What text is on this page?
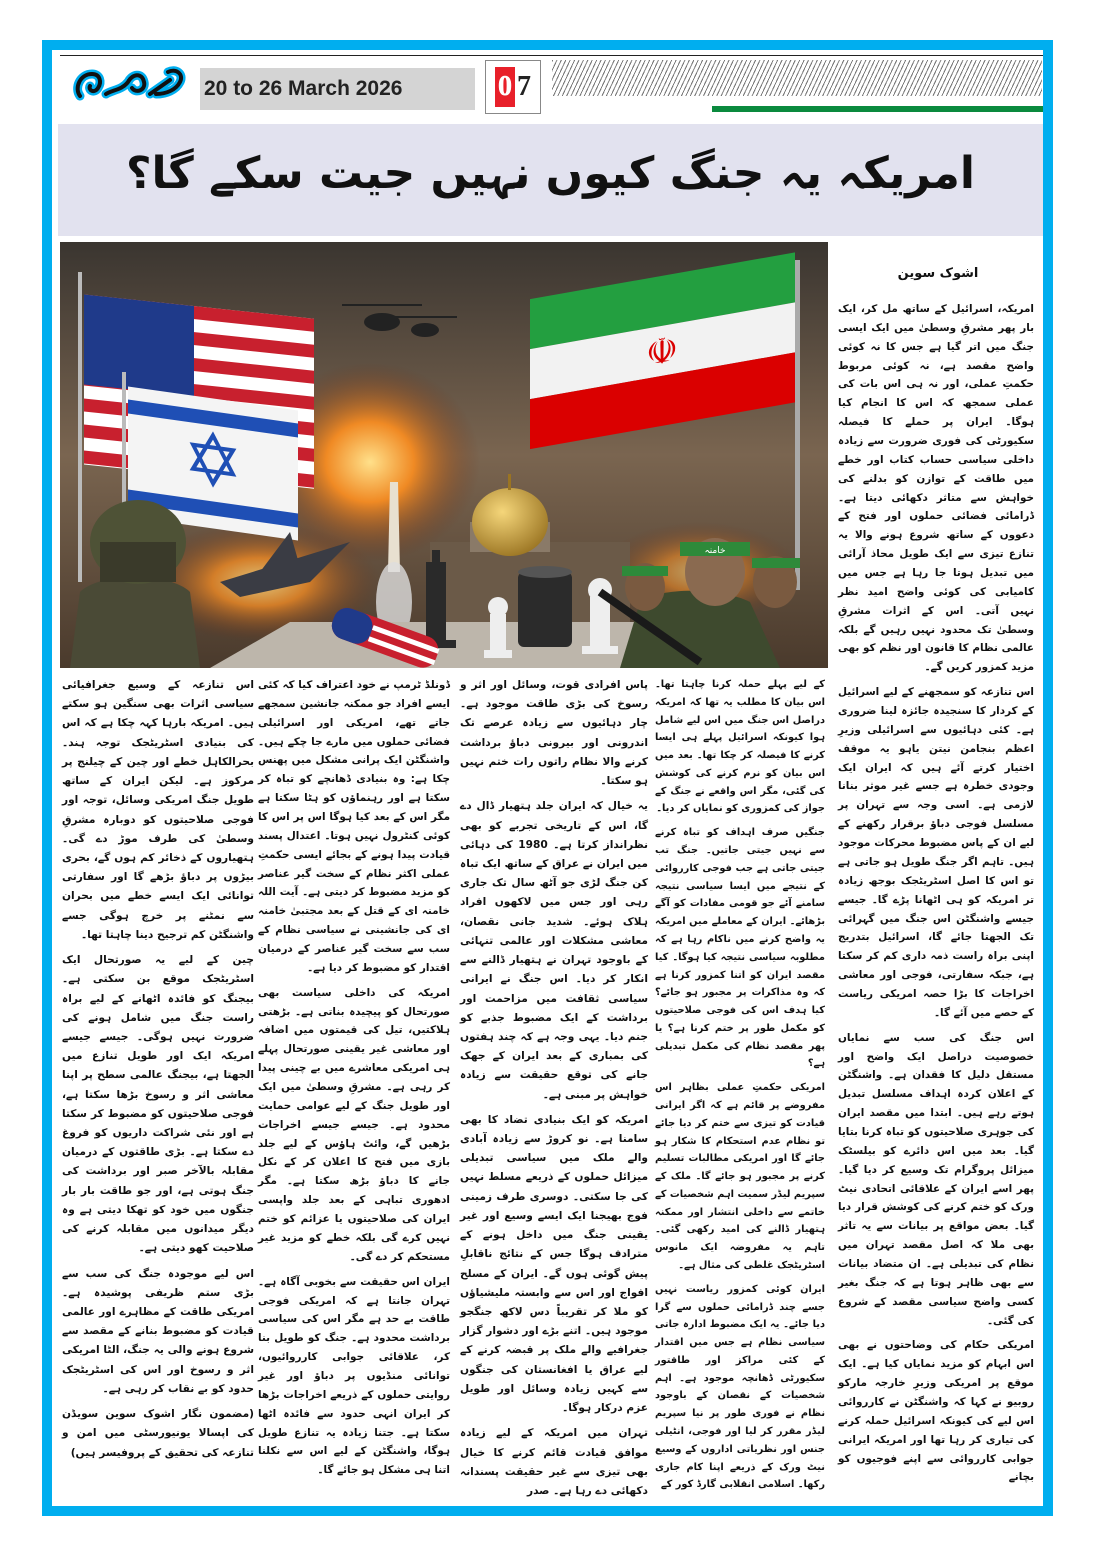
دوران
20 to 26 March 2026	0 7
امریکہ یہ جنگ کیوں نہیں جیت سکے گا؟
☫
خامنہ
اشوک سوین

امریکہ، اسرائیل کے ساتھ مل کر، ایک بار پھر مشرقِ وسطیٰ میں ایک ایسی جنگ میں اتر گیا ہے جس کا نہ کوئی واضح مقصد ہے، نہ کوئی مربوط حکمتِ عملی، اور نہ ہی اس بات کی عملی سمجھ کہ اس کا انجام کیا ہوگا۔ ایران پر حملے کا فیصلہ سکیورٹی کی فوری ضرورت سے زیادہ داخلی سیاسی حساب کتاب اور خطے میں طاقت کے توازن کو بدلنے کی خواہش سے متاثر دکھائی دیتا ہے۔ ڈرامائی فضائی حملوں اور فتح کے دعووں کے ساتھ شروع ہونے والا یہ تنازع تیزی سے ایک طویل محاذ آرائی میں تبدیل ہوتا جا رہا ہے جس میں کامیابی کی کوئی واضح امید نظر نہیں آتی۔ اس کے اثرات مشرقِ وسطیٰ تک محدود نہیں رہیں گے بلکہ عالمی نظام کا قانون اور نظم کو بھی مزید کمزور کریں گے۔

اس تنازعہ کو سمجھنے کے لیے اسرائیل کے کردار کا سنجیدہ جائزہ لینا ضروری ہے۔ کئی دہائیوں سے اسرائیلی وزیرِ اعظم بنجامن نیتن یاہو یہ موقف اختیار کرتے آئے ہیں کہ ایران ایک وجودی خطرہ ہے جسے غیر موثر بنانا لازمی ہے۔ اسی وجہ سے تہران پر مسلسل فوجی دباؤ برقرار رکھنے کے لیے ان کے پاس مضبوط محرکات موجود ہیں۔ تاہم اگر جنگ طویل ہو جاتی ہے تو اس کا اصل اسٹریٹجک بوجھ زیادہ تر امریکہ کو ہی اٹھانا پڑے گا۔ جیسے جیسے واشنگٹن اس جنگ میں گہرائی تک الجھتا جائے گا، اسرائیل بتدریج اپنی براہ راست ذمہ داری کم کر سکتا ہے، جبکہ سفارتی، فوجی اور معاشی اخراجات کا بڑا حصہ امریکی ریاست کے حصے میں آئے گا۔

اس جنگ کی سب سے نمایاں خصوصیت دراصل ایک واضح اور مستقل دلیل کا فقدان ہے۔ واشنگٹن کے اعلان کردہ اہداف مسلسل تبدیل ہوتے رہے ہیں۔ ابتدا میں مقصد ایران کی جوہری صلاحیتوں کو تباہ کرنا بتایا گیا۔ بعد میں اس دائرے کو بیلسٹک میزائل پروگرام تک وسیع کر دیا گیا۔ پھر اسے ایران کے علاقائی اتحادی نیٹ ورک کو ختم کرنے کی کوشش قرار دیا گیا۔ بعض مواقع پر بیانات سے یہ تاثر بھی ملا کہ اصل مقصد تہران میں نظام کی تبدیلی ہے۔ ان متضاد بیانات سے بھی ظاہر ہوتا ہے کہ جنگ بغیر کسی واضح سیاسی مقصد کے شروع کی گئی۔

امریکی حکام کی وضاحتوں نے بھی اس ابہام کو مزید نمایاں کیا ہے۔ ایک موقع پر امریکی وزیرِ خارجہ مارکو روبیو نے کہا کہ واشنگٹن نے کارروائی اس لیے کی کیونکہ اسرائیل حملہ کرنے کی تیاری کر رہا تھا اور امریکہ ایرانی جوابی کارروائی سے اپنے فوجیوں کو بچانے

کے لیے پہلے حملہ کرنا چاہتا تھا۔ اس بیان کا مطلب یہ تھا کہ امریکہ دراصل اس جنگ میں اس لیے شامل ہوا کیونکہ اسرائیل پہلے ہی ایسا کرنے کا فیصلہ کر چکا تھا۔ بعد میں اس بیان کو نرم کرنے کی کوشش کی گئی، مگر اس واقعے نے جنگ کے جواز کی کمزوری کو نمایاں کر دیا۔

جنگیں صرف اہداف کو تباہ کرنے سے نہیں جیتی جاتیں۔ جنگ تب جیتی جاتی ہے جب فوجی کارروائی کے نتیجے میں ایسا سیاسی نتیجہ سامنے آئے جو قومی مفادات کو آگے بڑھائے۔ ایران کے معاملے میں امریکہ یہ واضح کرنے میں ناکام رہا ہے کہ مطلوبہ سیاسی نتیجہ کیا ہوگا۔ کیا مقصد ایران کو اتنا کمزور کرنا ہے کہ وہ مذاکرات پر مجبور ہو جائے؟ کیا ہدف اس کی فوجی صلاحیتوں کو مکمل طور پر ختم کرنا ہے؟ یا پھر مقصد نظام کی مکمل تبدیلی ہے؟

امریکی حکمتِ عملی بظاہر اس مفروضے پر قائم ہے کہ اگر ایرانی قیادت کو تیزی سے ختم کر دیا جائے تو نظام عدم استحکام کا شکار ہو جائے گا اور امریکی مطالبات تسلیم کرنے پر مجبور ہو جائے گا۔ ملک کے سپریم لیڈر سمیت اہم شخصیات کے خاتمے سے داخلی انتشار اور ممکنہ ہتھیار ڈالنے کی امید رکھی گئی۔ تاہم یہ مفروضہ ایک مانوس اسٹریٹجک غلطی کی مثال ہے۔

ایران کوئی کمزور ریاست نہیں جسے چند ڈرامائی حملوں سے گرا دیا جائے۔ یہ ایک مضبوط ادارہ جاتی سیاسی نظام ہے جس میں اقتدار کے کئی مراکز اور طاقتور سکیورٹی ڈھانچہ موجود ہے۔ اہم شخصیات کے نقصان کے باوجود نظام نے فوری طور پر نیا سپریم لیڈر مقرر کر لیا اور فوجی، انٹیلی جنس اور نظریاتی اداروں کے وسیع نیٹ ورک کے ذریعے اپنا کام جاری رکھا۔ اسلامی انقلابی گارڈ کور کے

پاس افرادی قوت، وسائل اور اثر و رسوخ کی بڑی طاقت موجود ہے۔ چار دہائیوں سے زیادہ عرصے تک اندرونی اور بیرونی دباؤ برداشت کرنے والا نظام راتوں رات ختم نہیں ہو سکتا۔

یہ خیال کہ ایران جلد ہتھیار ڈال دے گا، اس کے تاریخی تجربے کو بھی نظرانداز کرتا ہے۔ 1980 کی دہائی میں ایران نے عراق کے ساتھ ایک تباہ کن جنگ لڑی جو آٹھ سال تک جاری رہی اور جس میں لاکھوں افراد ہلاک ہوئے۔ شدید جانی نقصان، معاشی مشکلات اور عالمی تنہائی کے باوجود تہران نے ہتھیار ڈالنے سے انکار کر دیا۔ اس جنگ نے ایرانی سیاسی ثقافت میں مزاحمت اور برداشت کے ایک مضبوط جذبے کو جنم دیا۔ یہی وجہ ہے کہ چند ہفتوں کی بمباری کے بعد ایران کے جھک جانے کی توقع حقیقت سے زیادہ خواہش پر مبنی ہے۔

امریکہ کو ایک بنیادی تضاد کا بھی سامنا ہے۔ نو کروڑ سے زیادہ آبادی والے ملک میں سیاسی تبدیلی میزائل حملوں کے ذریعے مسلط نہیں کی جا سکتی۔ دوسری طرف زمینی فوج بھیجنا ایک ایسے وسیع اور غیر یقینی جنگ میں داخل ہونے کے مترادف ہوگا جس کے نتائج ناقابلِ پیش گوئی ہوں گے۔ ایران کے مسلح افواج اور اس سے وابستہ ملیشیاؤں کو ملا کر تقریباً دس لاکھ جنگجو موجود ہیں۔ اتنے بڑے اور دشوار گزار جغرافیے والے ملک پر قبضہ کرنے کے لیے عراق یا افغانستان کی جنگوں سے کہیں زیادہ وسائل اور طویل عزم درکار ہوگا۔

تہران میں امریکہ کے لیے زیادہ موافق قیادت قائم کرنے کا خیال بھی تیزی سے غیر حقیقت پسندانہ دکھائی دے رہا ہے۔ صدر

ڈونلڈ ٹرمپ نے خود اعتراف کیا کہ کئی ایسے افراد جو ممکنہ جانشین سمجھے جاتے تھے، امریکی اور اسرائیلی فضائی حملوں میں مارے جا چکے ہیں۔ واشنگٹن ایک پرانی مشکل میں پھنس چکا ہے: وہ بنیادی ڈھانچے کو تباہ کر سکتا ہے اور رہنماؤں کو ہٹا سکتا ہے مگر اس کے بعد کیا ہوگا اس پر اس کا کوئی کنٹرول نہیں ہوتا۔ اعتدال پسند قیادت پیدا ہونے کے بجائے ایسی حکمتِ عملی اکثر نظام کے سخت گیر عناصر کو مزید مضبوط کر دیتی ہے۔ آیت اللہ خامنہ ای کے قتل کے بعد مجتبیٰ خامنہ ای کی جانشینی نے سیاسی نظام کے سب سے سخت گیر عناصر کے درمیان اقتدار کو مضبوط کر دیا ہے۔

امریکہ کی داخلی سیاست بھی صورتحال کو پیچیدہ بناتی ہے۔ بڑھتی ہلاکتیں، تیل کی قیمتوں میں اضافہ اور معاشی غیر یقینی صورتحال پہلے ہی امریکی معاشرے میں بے چینی پیدا کر رہی ہے۔ مشرقِ وسطیٰ میں ایک اور طویل جنگ کے لیے عوامی حمایت محدود ہے۔ جیسے جیسے اخراجات بڑھیں گے، وائٹ ہاؤس کے لیے جلد بازی میں فتح کا اعلان کر کے نکل جانے کا دباؤ بڑھ سکتا ہے۔ مگر ادھوری تباہی کے بعد جلد واپسی ایران کی صلاحیتوں یا عزائم کو ختم نہیں کرے گی بلکہ خطے کو مزید غیر مستحکم کر دے گی۔

ایران اس حقیقت سے بخوبی آگاہ ہے۔ تہران جانتا ہے کہ امریکی فوجی طاقت بے حد ہے مگر اس کی سیاسی برداشت محدود ہے۔ جنگ کو طویل بنا کر، علاقائی جوابی کارروائیوں، توانائی منڈیوں پر دباؤ اور غیر روایتی حملوں کے ذریعے اخراجات بڑھا کر ایران انہی حدود سے فائدہ اٹھا سکتا ہے۔ جتنا زیادہ یہ تنازع طویل ہوگا، واشنگٹن کے لیے اس سے نکلنا اتنا ہی مشکل ہو جائے گا۔

اس تنازعہ کے وسیع جغرافیائی سیاسی اثرات بھی سنگین ہو سکتے ہیں۔ امریکہ بارہا کہہ چکا ہے کہ اس کی بنیادی اسٹریٹجک توجہ ہند۔بحرالکاہل خطے اور چین کے چیلنج پر مرکوز ہے۔ لیکن ایران کے ساتھ طویل جنگ امریکی وسائل، توجہ اور فوجی صلاحیتوں کو دوبارہ مشرقِ وسطیٰ کی طرف موڑ دے گی۔ ہتھیاروں کے ذخائر کم ہوں گے، بحری بیڑوں پر دباؤ بڑھے گا اور سفارتی توانائی ایک ایسے خطے میں بحران سے نمٹنے پر خرچ ہوگی جسے واشنگٹن کم ترجیح دینا چاہتا تھا۔

چین کے لیے یہ صورتحال ایک اسٹریٹجک موقع بن سکتی ہے۔ بیجنگ کو فائدہ اٹھانے کے لیے براہ راست جنگ میں شامل ہونے کی ضرورت نہیں ہوگی۔ جیسے جیسے امریکہ ایک اور طویل تنازع میں الجھتا ہے، بیجنگ عالمی سطح پر اپنا معاشی اثر و رسوخ بڑھا سکتا ہے، فوجی صلاحیتوں کو مضبوط کر سکتا ہے اور نئی شراکت داریوں کو فروغ دے سکتا ہے۔ بڑی طاقتوں کے درمیان مقابلہ بالآخر صبر اور برداشت کی جنگ ہوتی ہے، اور جو طاقت بار بار جنگوں میں خود کو تھکا دیتی ہے وہ دیگر میدانوں میں مقابلہ کرنے کی صلاحیت کھو دیتی ہے۔

اس لیے موجودہ جنگ کی سب سے بڑی ستم ظریفی پوشیدہ ہے۔ امریکی طاقت کے مظاہرے اور عالمی قیادت کو مضبوط بنانے کے مقصد سے شروع ہونے والی یہ جنگ، الٹا امریکی اثر و رسوخ اور اس کی اسٹریٹجک حدود کو بے نقاب کر رہی ہے۔

(مضمون نگار اشوک سوین سویڈن کی اپسالا یونیورسٹی میں امن و تنازعہ کی تحقیق کے پروفیسر ہیں)
